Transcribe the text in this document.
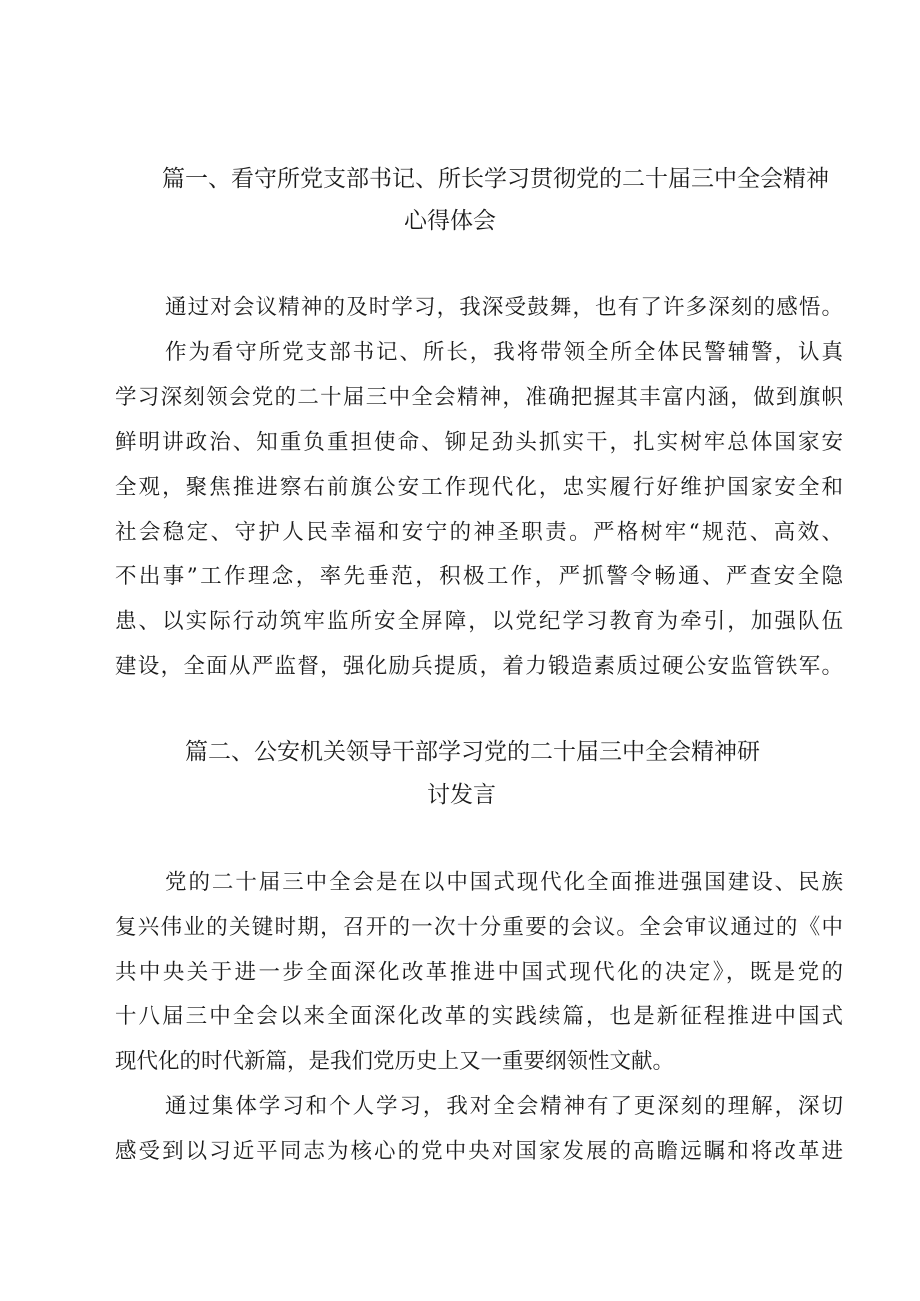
篇一、看守所党支部书记、所长学习贯彻党的二十届三中全会精神
心得体会
通过对会议精神的及时学习，我深受鼓舞，也有了许多深刻的感悟。
作为看守所党支部书记、所长，我将带领全所全体民警辅警，认真
学习深刻领会党的二十届三中全会精神，准确把握其丰富内涵，做到旗帜
鲜明讲政治、知重负重担使命、铆足劲头抓实干，扎实树牢总体国家安
全观，聚焦推进察右前旗公安工作现代化，忠实履行好维护国家安全和
社会稳定、守护人民幸福和安宁的神圣职责。严格树牢“规范、高效、
不出事”工作理念，率先垂范，积极工作，严抓警令畅通、严查安全隐
患、以实际行动筑牢监所安全屏障，以党纪学习教育为牵引，加强队伍
建设，全面从严监督，强化励兵提质，着力锻造素质过硬公安监管铁军。
篇二、公安机关领导干部学习党的二十届三中全会精神研
讨发言
党的二十届三中全会是在以中国式现代化全面推进强国建设、民族
复兴伟业的关键时期，召开的一次十分重要的会议。全会审议通过的《中
共中央关于进一步全面深化改革推进中国式现代化的决定》，既是党的
十八届三中全会以来全面深化改革的实践续篇，也是新征程推进中国式
现代化的时代新篇，是我们党历史上又一重要纲领性文献。
通过集体学习和个人学习，我对全会精神有了更深刻的理解，深切
感受到以习近平同志为核心的党中央对国家发展的高瞻远瞩和将改革进
